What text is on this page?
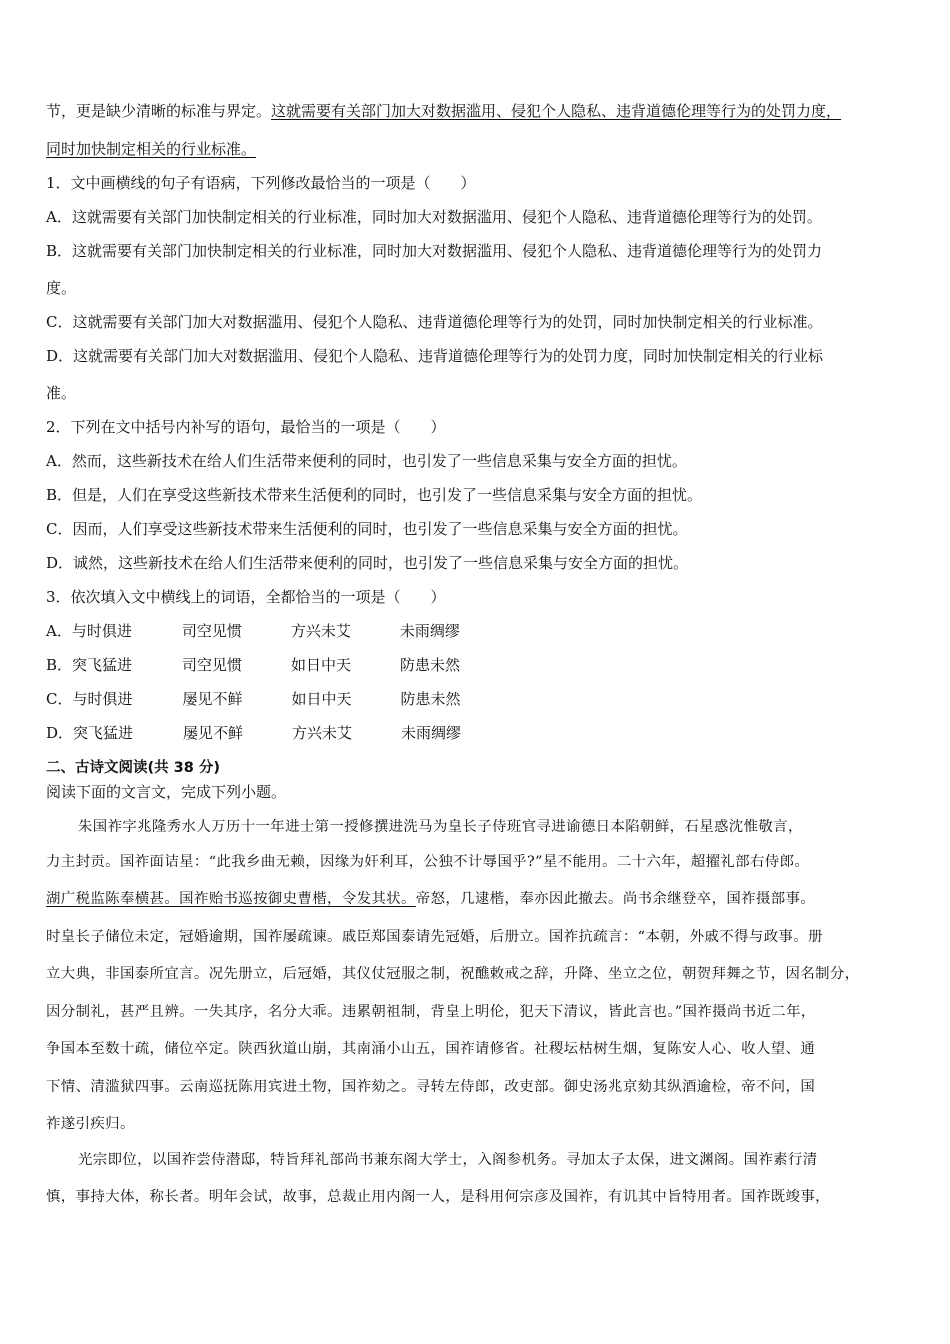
节，更是缺少清晰的标准与界定。这就需要有关部门加大对数据滥用、侵犯个人隐私、违背道德伦理等行为的处罚力度，
同时加快制定相关的行业标准。
1．文中画横线的句子有语病，下列修改最恰当的一项是（　　）
A．这就需要有关部门加快制定相关的行业标准，同时加大对数据滥用、侵犯个人隐私、违背道德伦理等行为的处罚。
B．这就需要有关部门加快制定相关的行业标准，同时加大对数据滥用、侵犯个人隐私、违背道德伦理等行为的处罚力
度。
C．这就需要有关部门加大对数据滥用、侵犯个人隐私、违背道德伦理等行为的处罚，同时加快制定相关的行业标准。
D．这就需要有关部门加大对数据滥用、侵犯个人隐私、违背道德伦理等行为的处罚力度，同时加快制定相关的行业标
准。
2．下列在文中括号内补写的语句，最恰当的一项是（　　）
A．然而，这些新技术在给人们生活带来便利的同时，也引发了一些信息采集与安全方面的担忧。
B．但是，人们在享受这些新技术带来生活便利的同时，也引发了一些信息采集与安全方面的担忧。
C．因而，人们享受这些新技术带来生活便利的同时，也引发了一些信息采集与安全方面的担忧。
D．诚然，这些新技术在给人们生活带来便利的同时，也引发了一些信息采集与安全方面的担忧。
3．依次填入文中横线上的词语，全都恰当的一项是（　　）
A．与时俱进	司空见惯	方兴未艾	未雨绸缪
B．突飞猛进	司空见惯	如日中天	防患未然
C．与时俱进	屡见不鲜	如日中天	防患未然
D．突飞猛进	屡见不鲜	方兴未艾	未雨绸缪
二、古诗文阅读(共 38 分)
阅读下面的文言文，完成下列小题。
朱国祚字兆隆秀水人万历十一年进士第一授修撰进洗马为皇长子侍班官寻进谕德日本陷朝鲜，石星惑沈惟敬言，
力主封贡。国祚面诘星：“此我乡曲无赖，因缘为奸利耳，公独不计辱国乎?”星不能用。二十六年，超擢礼部右侍郎。
湖广税监陈奉横甚。国祚贻书巡按御史曹楷，令发其状。帝怒，几逮楷，奉亦因此撤去。尚书余继登卒，国祚摄部事。
时皇长子储位未定，冠婚逾期，国祚屡疏谏。戚臣郑国泰请先冠婚，后册立。国祚抗疏言：“本朝，外戚不得与政事。册
立大典，非国泰所宜言。况先册立，后冠婚，其仪仗冠服之制，祝醮敕戒之辞，升降、坐立之位，朝贺拜舞之节，因名制分，
因分制礼，甚严且辨。一失其序，名分大乖。违累朝祖制，背皇上明伦，犯天下清议，皆此言也。”国祚摄尚书近二年，
争国本至数十疏，储位卒定。陕西狄道山崩，其南涌小山五，国祚请修省。社稷坛枯树生烟，复陈安人心、收人望、通
下情、清滥狱四事。云南巡抚陈用宾进土物，国祚劾之。寻转左侍郎，改吏部。御史汤兆京劾其纵酒逾检，帝不问，国
祚遂引疾归。
光宗即位，以国祚尝侍潜邸，特旨拜礼部尚书兼东阁大学士，入阁参机务。寻加太子太保，进文渊阁。国祚素行清
慎，事持大体，称长者。明年会试，故事，总裁止用内阁一人，是科用何宗彦及国祚，有讥其中旨特用者。国祚既竣事，
